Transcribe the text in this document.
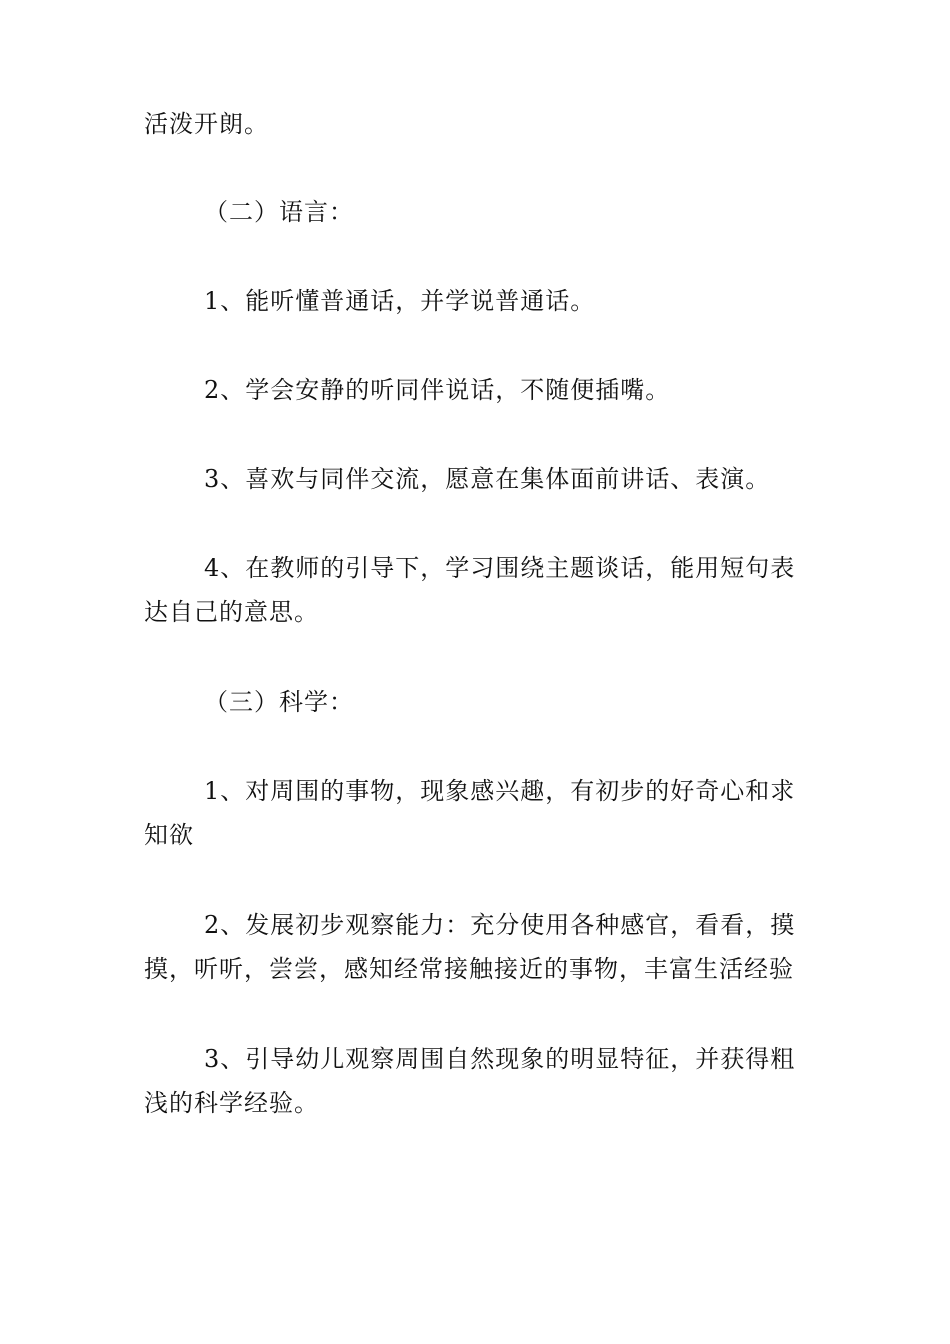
活泼开朗。

（二）语言：

1、能听懂普通话，并学说普通话。

2、学会安静的听同伴说话，不随便插嘴。

3、喜欢与同伴交流，愿意在集体面前讲话、表演。

4、在教师的引导下，学习围绕主题谈话，能用短句表达自己的意思。

（三）科学：

1、对周围的事物，现象感兴趣，有初步的好奇心和求知欲

2、发展初步观察能力：充分使用各种感官，看看，摸摸，听听，尝尝，感知经常接触接近的事物，丰富生活经验

3、引导幼儿观察周围自然现象的明显特征，并获得粗浅的科学经验。
